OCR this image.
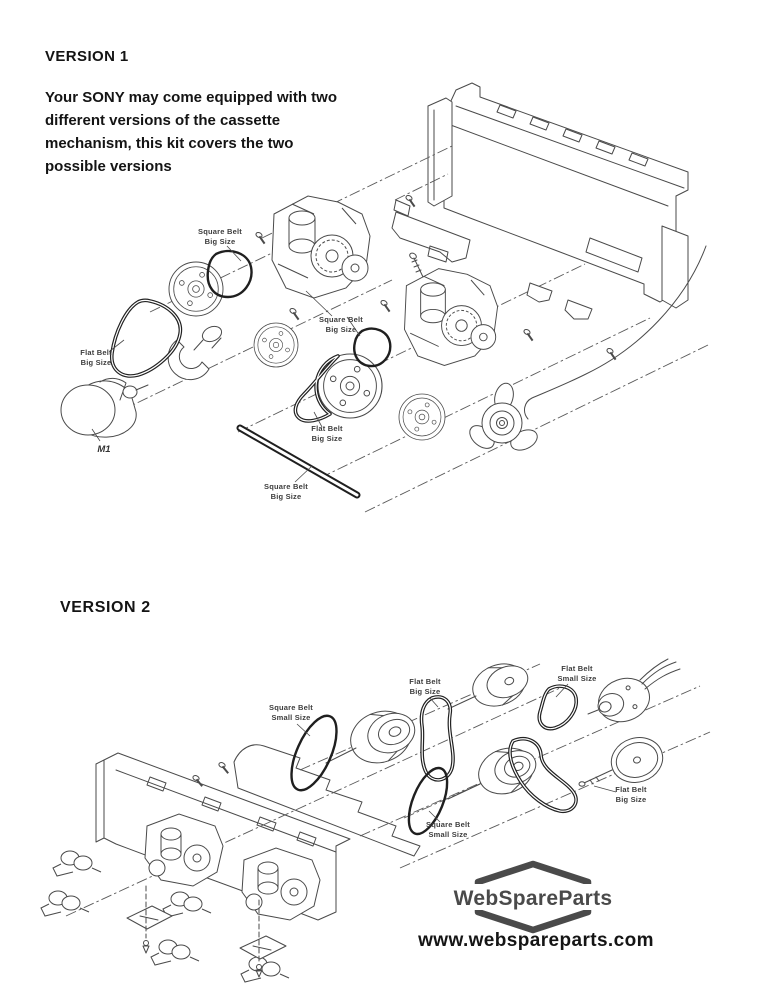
VERSION 1
Your SONY may come equipped with two different versions of the cassette mechanism, this kit covers the two possible versions
VERSION 2
Square Belt
Big Size
Flat Belt
Big Size
M1
Square Belt
Big Size
Flat Belt
Big Size
Square Belt
Big Size
Square Belt
Small Size
Flat Belt
Big Size
Flat Belt
Small Size
Flat Belt
Big Size
Square Belt
Small Size
WebSpareParts
www.webspareparts.com
